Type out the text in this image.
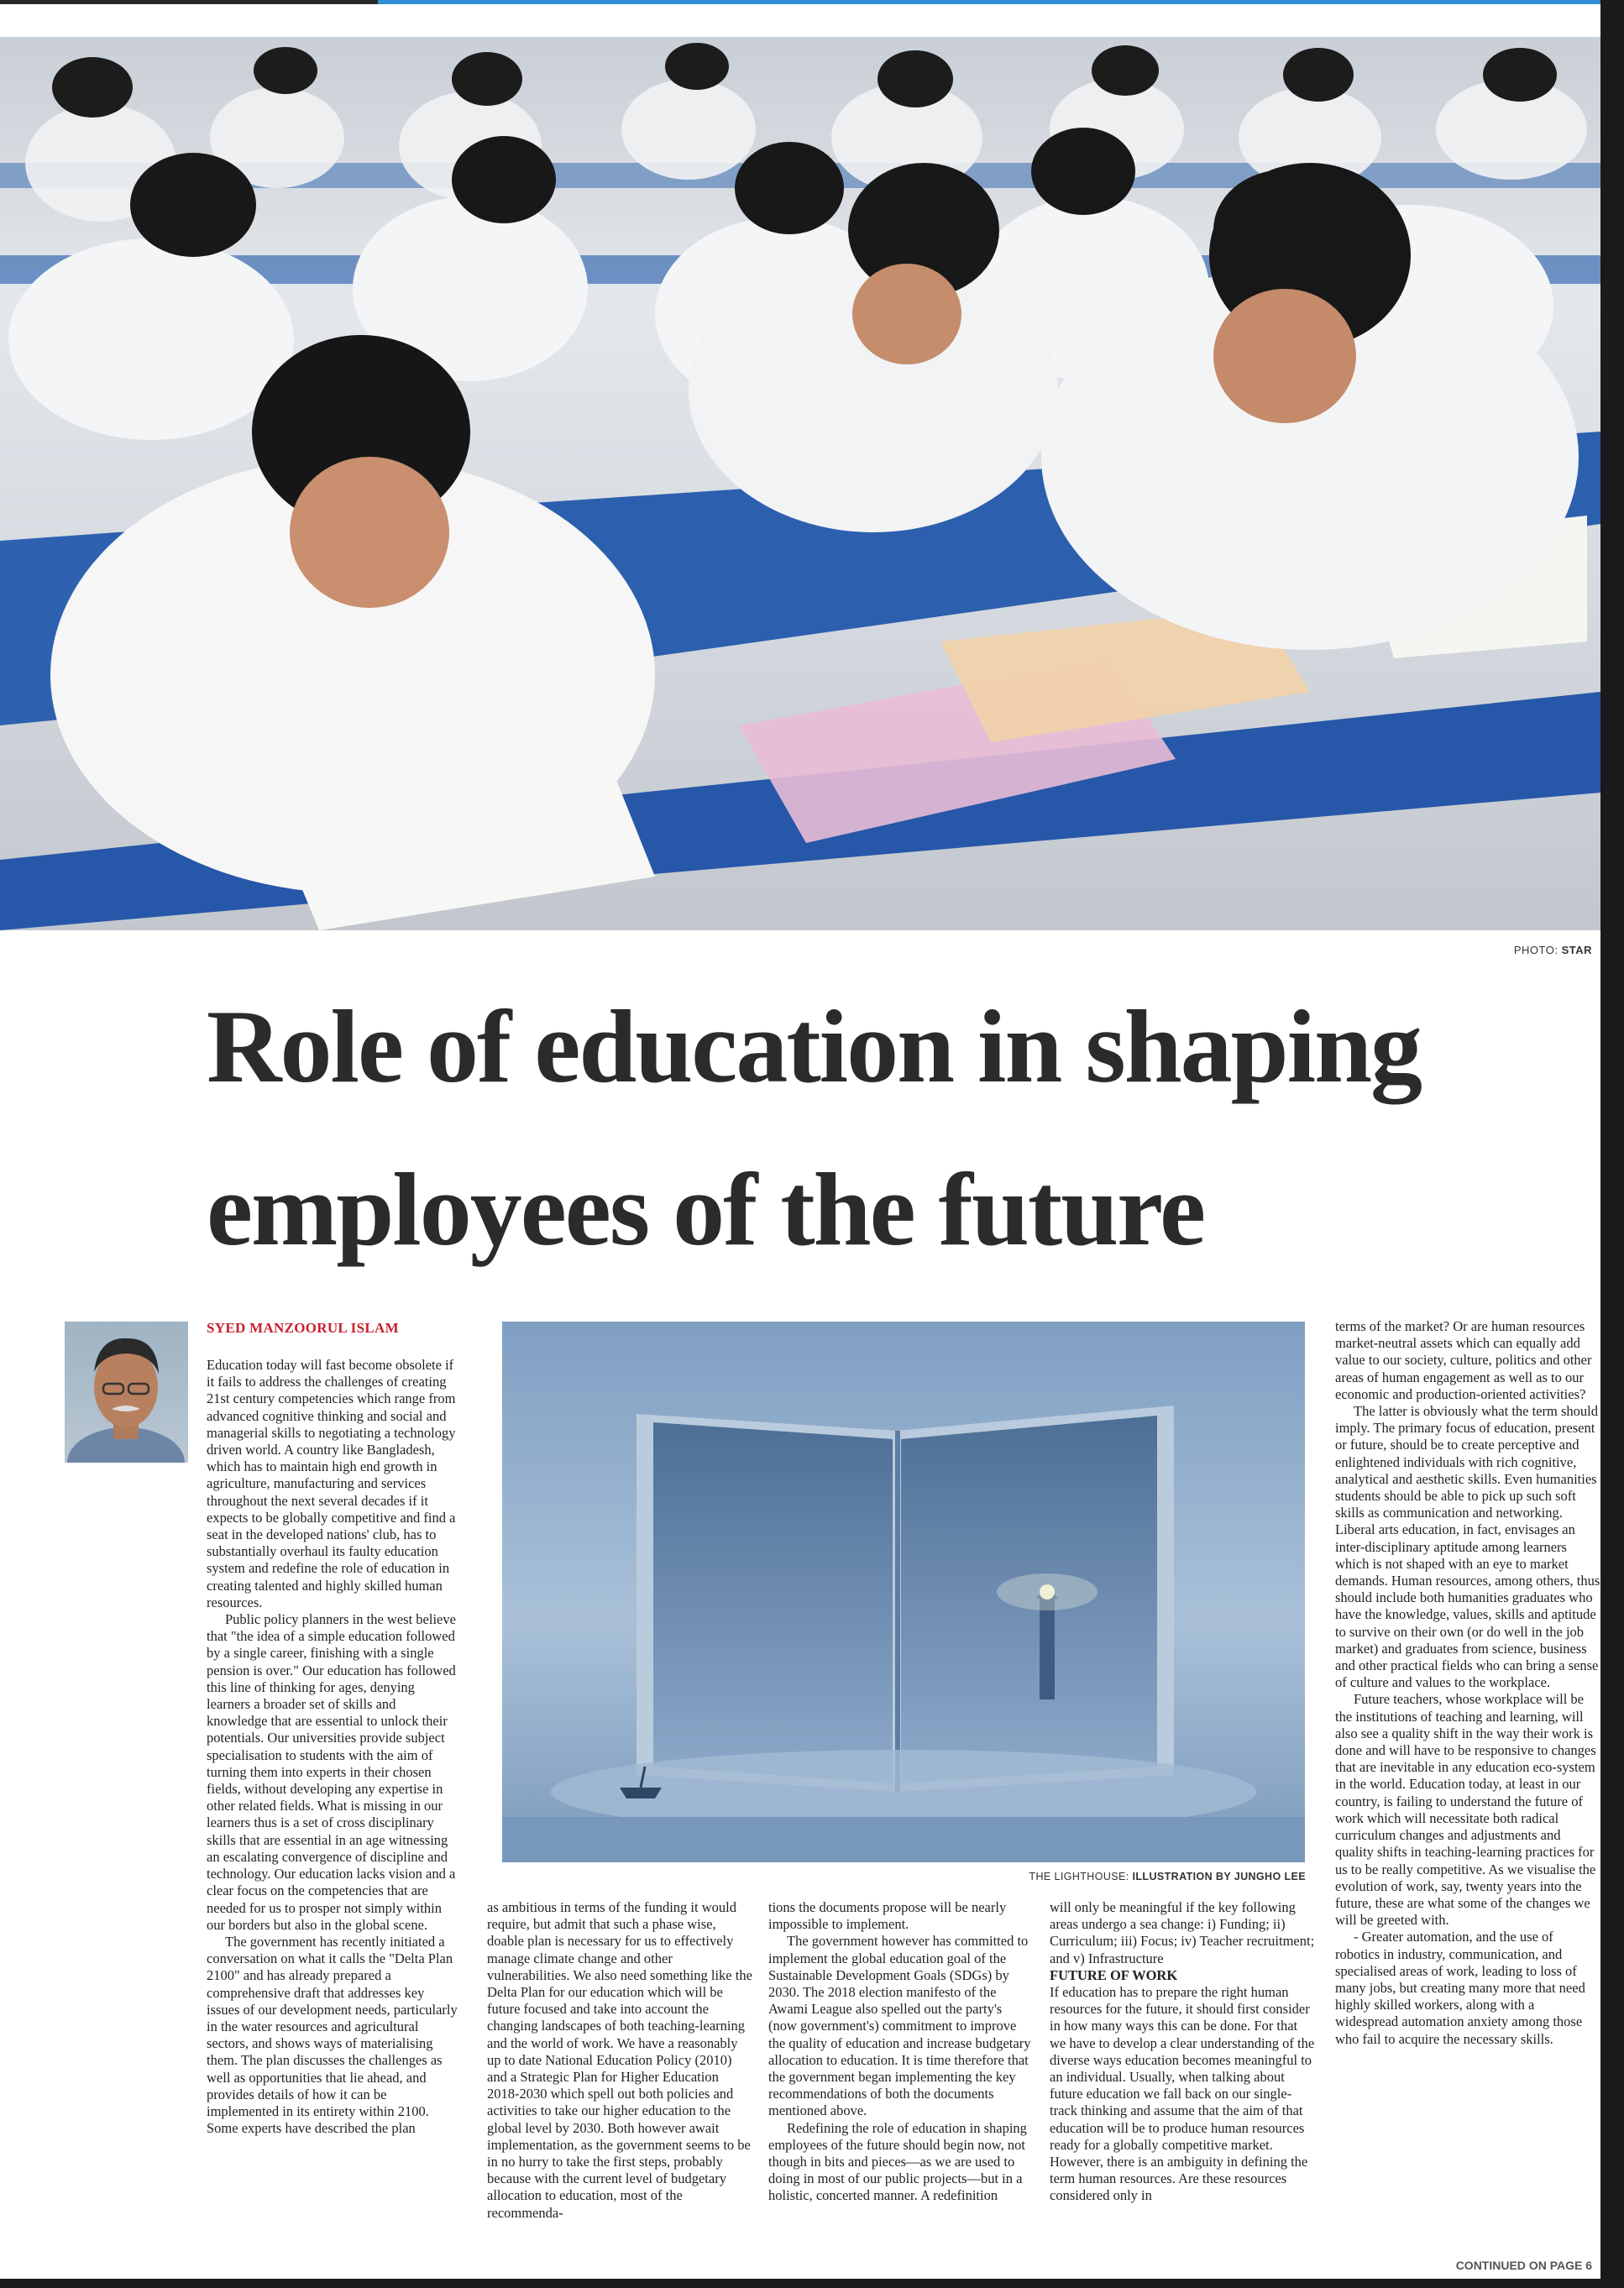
PHOTO: STAR
Role of education in shaping
employees of the future
SYED MANZOORUL ISLAM

Education today will fast become obsolete if it fails to address the challenges of creating 21st century competencies which range from advanced cognitive thinking and social and managerial skills to negotiating a technology driven world. A country like Bangladesh, which has to maintain high end growth in agriculture, manufacturing and services throughout the next several decades if it expects to be globally competitive and find a seat in the developed nations' club, has to substantially overhaul its faulty education system and redefine the role of education in creating talented and highly skilled human resources.

Public policy planners in the west believe that "the idea of a simple education followed by a single career, finishing with a single pension is over." Our education has followed this line of thinking for ages, denying learners a broader set of skills and knowledge that are essential to unlock their potentials. Our universities provide subject specialisation to students with the aim of turning them into experts in their chosen fields, without developing any expertise in other related fields. What is missing in our learners thus is a set of cross disciplinary skills that are essential in an age witnessing an escalating convergence of discipline and technology. Our education lacks vision and a clear focus on the competencies that are needed for us to prosper not simply within our borders but also in the global scene.

The government has recently initiated a conversation on what it calls the "Delta Plan 2100" and has already prepared a comprehensive draft that addresses key issues of our development needs, particularly in the water resources and agricultural sectors, and shows ways of materialising them. The plan discusses the challenges as well as opportunities that lie ahead, and provides details of how it can be implemented in its entirety within 2100. Some experts have described the plan

THE LIGHTHOUSE: ILLUSTRATION BY JUNGHO LEE

as ambitious in terms of the funding it would require, but admit that such a phase wise, doable plan is necessary for us to effectively manage climate change and other vulnerabilities. We also need something like the Delta Plan for our education which will be future focused and take into account the changing landscapes of both teaching-learning and the world of work. We have a reasonably up to date National Education Policy (2010) and a Strategic Plan for Higher Education 2018-2030 which spell out both policies and activities to take our higher education to the global level by 2030. Both however await implementation, as the government seems to be in no hurry to take the first steps, probably because with the current level of budgetary allocation to education, most of the recommenda-

tions the documents propose will be nearly impossible to implement.

The government however has committed to implement the global education goal of the Sustainable Development Goals (SDGs) by 2030. The 2018 election manifesto of the Awami League also spelled out the party's (now government's) commitment to improve the quality of education and increase budgetary allocation to education. It is time therefore that the government began implementing the key recommendations of both the documents mentioned above.

Redefining the role of education in shaping employees of the future should begin now, not though in bits and pieces—as we are used to doing in most of our public projects—but in a holistic, concerted manner. A redefinition

will only be meaningful if the key following areas undergo a sea change: i) Funding; ii) Curriculum; iii) Focus; iv) Teacher recruitment; and v) Infrastructure

FUTURE OF WORK

If education has to prepare the right human resources for the future, it should first consider in how many ways this can be done. For that we have to develop a clear understanding of the diverse ways education becomes meaningful to an individual. Usually, when talking about future education we fall back on our single-track thinking and assume that the aim of that education will be to produce human resources ready for a globally competitive market. However, there is an ambiguity in defining the term human resources. Are these resources considered only in

terms of the market? Or are human resources market-neutral assets which can equally add value to our society, culture, politics and other areas of human engagement as well as to our economic and production-oriented activities?

The latter is obviously what the term should imply. The primary focus of education, present or future, should be to create perceptive and enlightened individuals with rich cognitive, analytical and aesthetic skills. Even humanities students should be able to pick up such soft skills as communication and networking. Liberal arts education, in fact, envisages an inter-disciplinary aptitude among learners which is not shaped with an eye to market demands. Human resources, among others, thus should include both humanities graduates who have the knowledge, values, skills and aptitude to survive on their own (or do well in the job market) and graduates from science, business and other practical fields who can bring a sense of culture and values to the workplace.

Future teachers, whose workplace will be the institutions of teaching and learning, will also see a quality shift in the way their work is done and will have to be responsive to changes that are inevitable in any education eco-system in the world. Education today, at least in our country, is failing to understand the future of work which will necessitate both radical curriculum changes and adjustments and quality shifts in teaching-learning practices for us to be really competitive. As we visualise the evolution of work, say, twenty years into the future, these are what some of the changes we will be greeted with.

- Greater automation, and the use of robotics in industry, communication, and specialised areas of work, leading to loss of many jobs, but creating many more that need highly skilled workers, along with a widespread automation anxiety among those who fail to acquire the necessary skills.

CONTINUED ON PAGE 6
